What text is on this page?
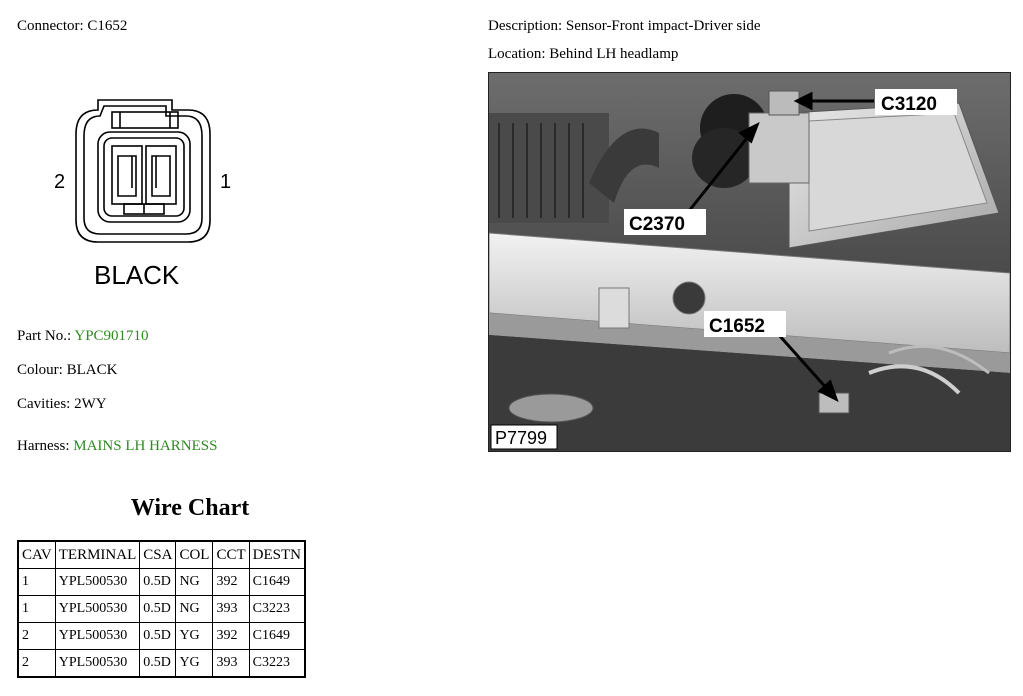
Connector: C1652	Description: Sensor-Front impact-Driver side
Location: Behind LH headlamp
2	1
BLACK
Part No.: YPC901710
Colour: BLACK
Cavities: 2WY
Harness: MAINS LH HARNESS
Wire Chart
CAV	TERMINAL	CSA	COL	CCT	DESTN
1	YPL500530	0.5D	NG	392	C1649
1	YPL500530	0.5D	NG	393	C3223
2	YPL500530	0.5D	YG	392	C1649
2	YPL500530	0.5D	YG	393	C3223
C3120
C2370
C1652
P7799
